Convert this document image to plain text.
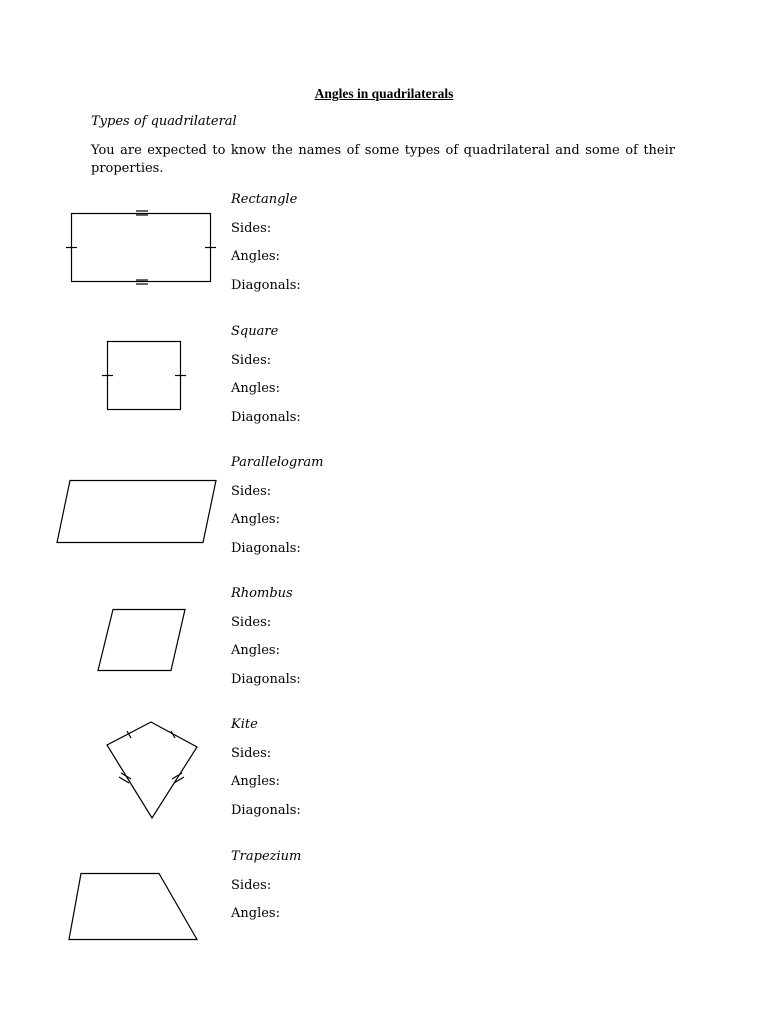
Angles in quadrilaterals
Types of quadrilateral
You are expected to know the names of some types of quadrilateral and some of their properties.
Rectangle
Sides:
Angles:
Diagonals:
Square
Sides:
Angles:
Diagonals:
Parallelogram
Sides:
Angles:
Diagonals:
Rhombus
Sides:
Angles:
Diagonals:
Kite
Sides:
Angles:
Diagonals:
Trapezium
Sides:
Angles:
